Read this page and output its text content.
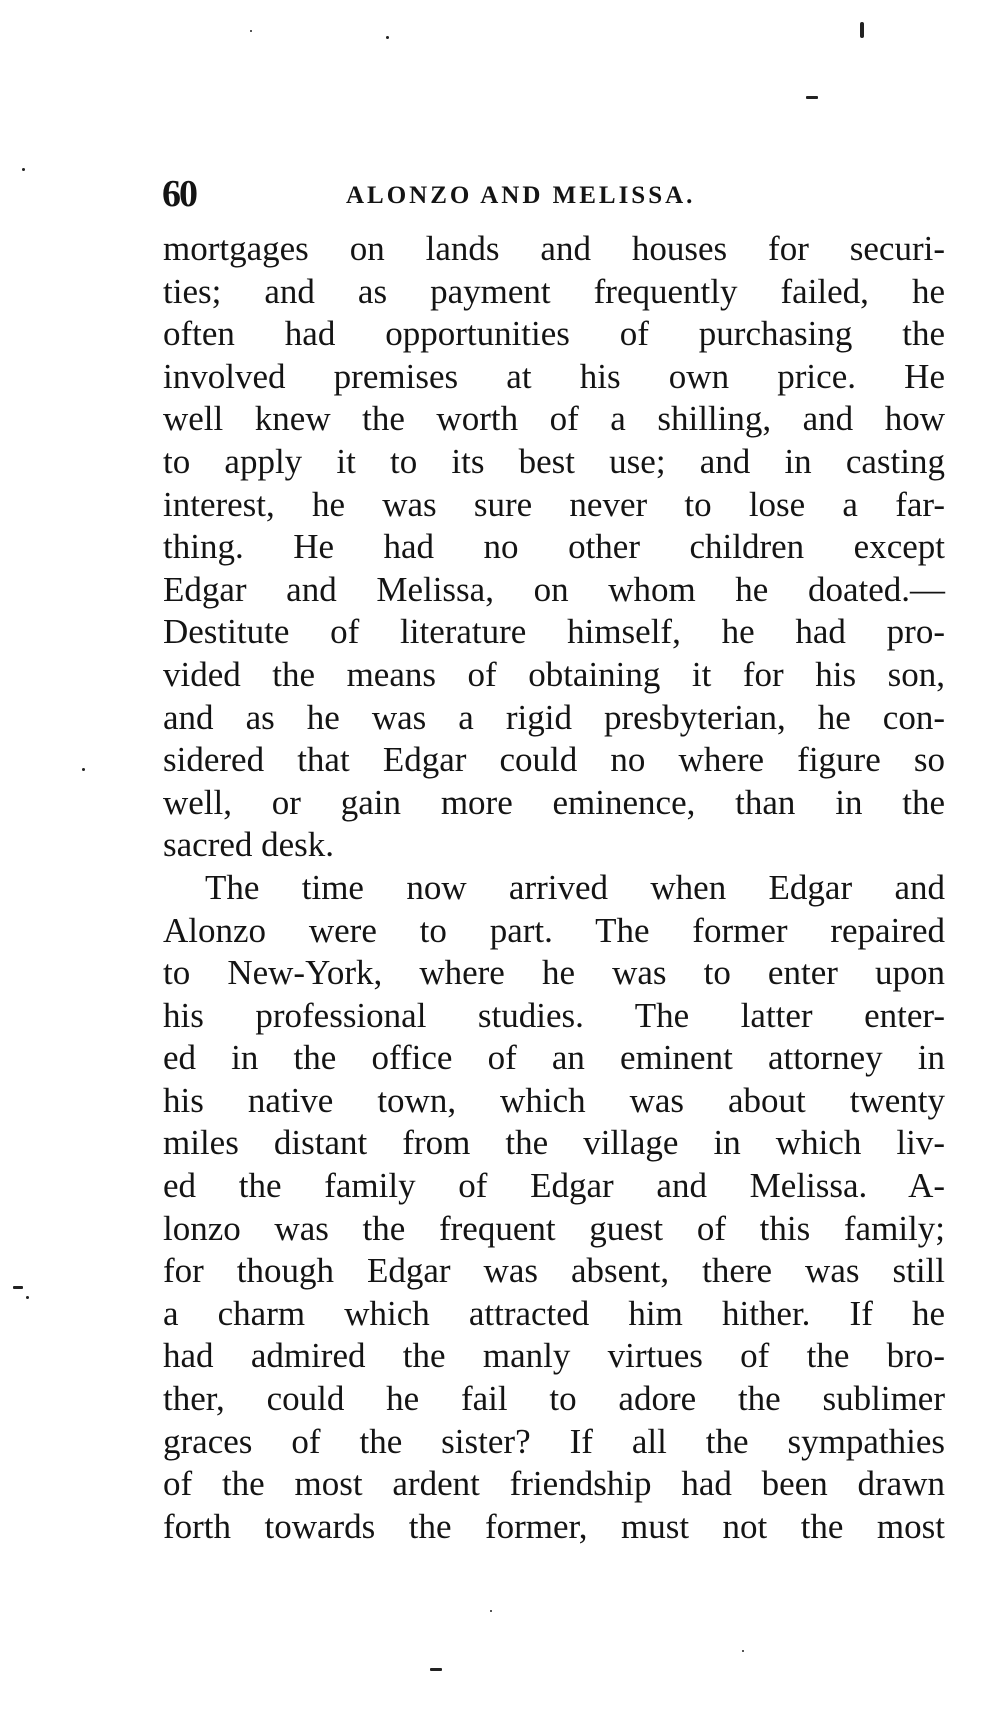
60	ALONZO AND MELISSA.
mortgages on lands and houses for securi-
ties; and as payment frequently failed, he
often had opportunities of purchasing the
involved premises at his own price. He
well knew the worth of a shilling, and how
to apply it to its best use; and in casting
interest, he was sure never to lose a far-
thing. He had no other children except
Edgar and Melissa, on whom he doated.—
Destitute of literature himself, he had pro-
vided the means of obtaining it for his son,
and as he was a rigid presbyterian, he con-
sidered that Edgar could no where figure so
well, or gain more eminence, than in the
sacred desk.
The time now arrived when Edgar and
Alonzo were to part. The former repaired
to New-York, where he was to enter upon
his professional studies. The latter enter-
ed in the office of an eminent attorney in
his native town, which was about twenty
miles distant from the village in which liv-
ed the family of Edgar and Melissa. A-
lonzo was the frequent guest of this family;
for though Edgar was absent, there was still
a charm which attracted him hither. If he
had admired the manly virtues of the bro-
ther, could he fail to adore the sublimer
graces of the sister? If all the sympathies
of the most ardent friendship had been drawn
forth towards the former, must not the most
